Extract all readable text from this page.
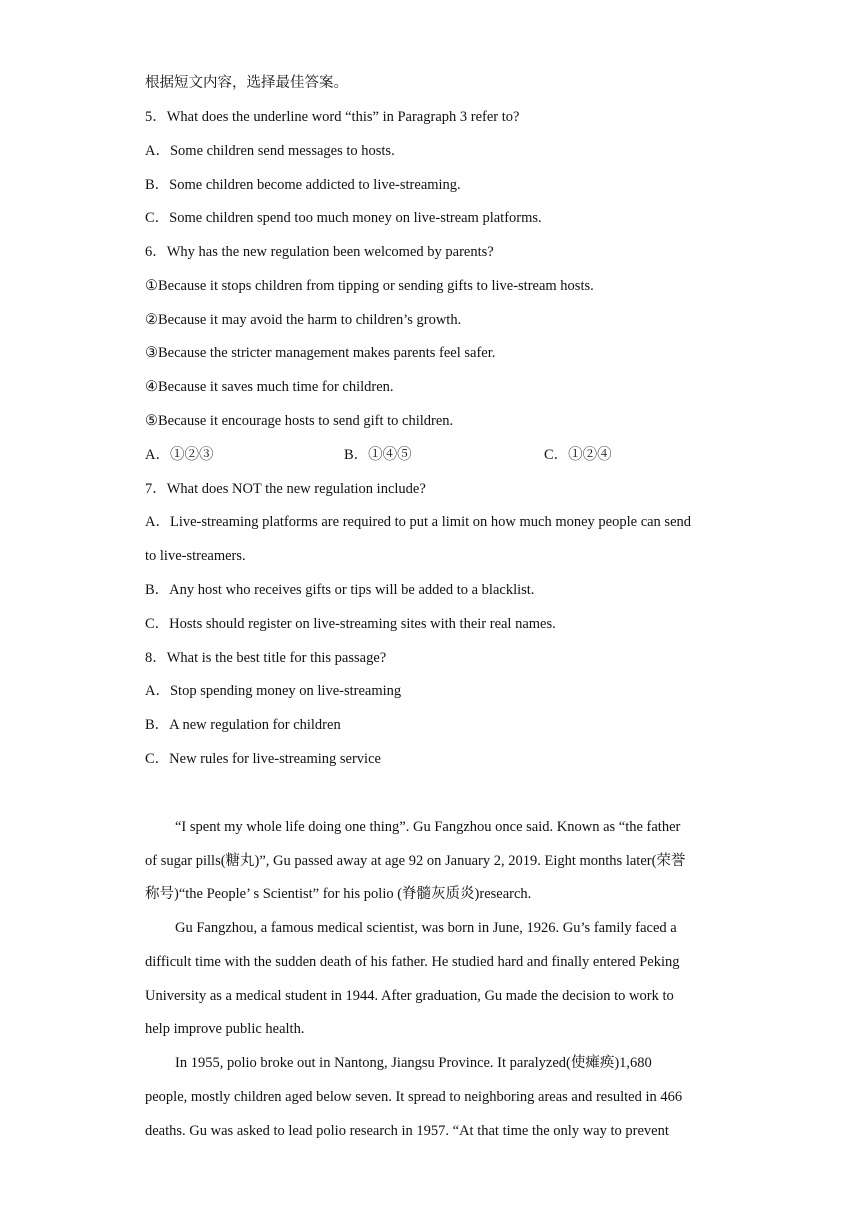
根据短文内容，选择最佳答案。
5．What does the underline word “this” in Paragraph 3 refer to?
A．Some children send messages to hosts.
B．Some children become addicted to live-streaming.
C．Some children spend too much money on live-stream platforms.
6．Why has the new regulation been welcomed by parents?
①Because it stops children from tipping or sending gifts to live-stream hosts.
②Because it may avoid the harm to children’s growth.
③Because the stricter management makes parents feel safer.
④Because it saves much time for children.
⑤Because it encourage hosts to send gift to children.
A．①②③	B．①④⑤	C．①②④
7．What does NOT the new regulation include?
A．Live-streaming platforms are required to put a limit on how much money people can send
to live-streamers.
B．Any host who receives gifts or tips will be added to a blacklist.
C．Hosts should register on live-streaming sites with their real names.
8．What is the best title for this passage?
A．Stop spending money on live-streaming
B．A new regulation for children
C．New rules for live-streaming service
“I spent my whole life doing one thing”. Gu Fangzhou once said. Known as “the father
of sugar pills(糖丸)”, Gu passed away at age 92 on January 2, 2019. Eight months later(荣誉
称号)“the People’ s Scientist” for his polio (脊髓灰质炎)research.
Gu Fangzhou, a famous medical scientist, was born in June, 1926. Gu’s family faced a
difficult time with the sudden death of his father. He studied hard and finally entered Peking
University as a medical student in 1944. After graduation, Gu made the decision to work to
help improve public health.
In 1955, polio broke out in Nantong, Jiangsu Province. It paralyzed(使瘫痪)1,680
people, mostly children aged below seven. It spread to neighboring areas and resulted in 466
deaths. Gu was asked to lead polio research in 1957. “At that time the only way to prevent
